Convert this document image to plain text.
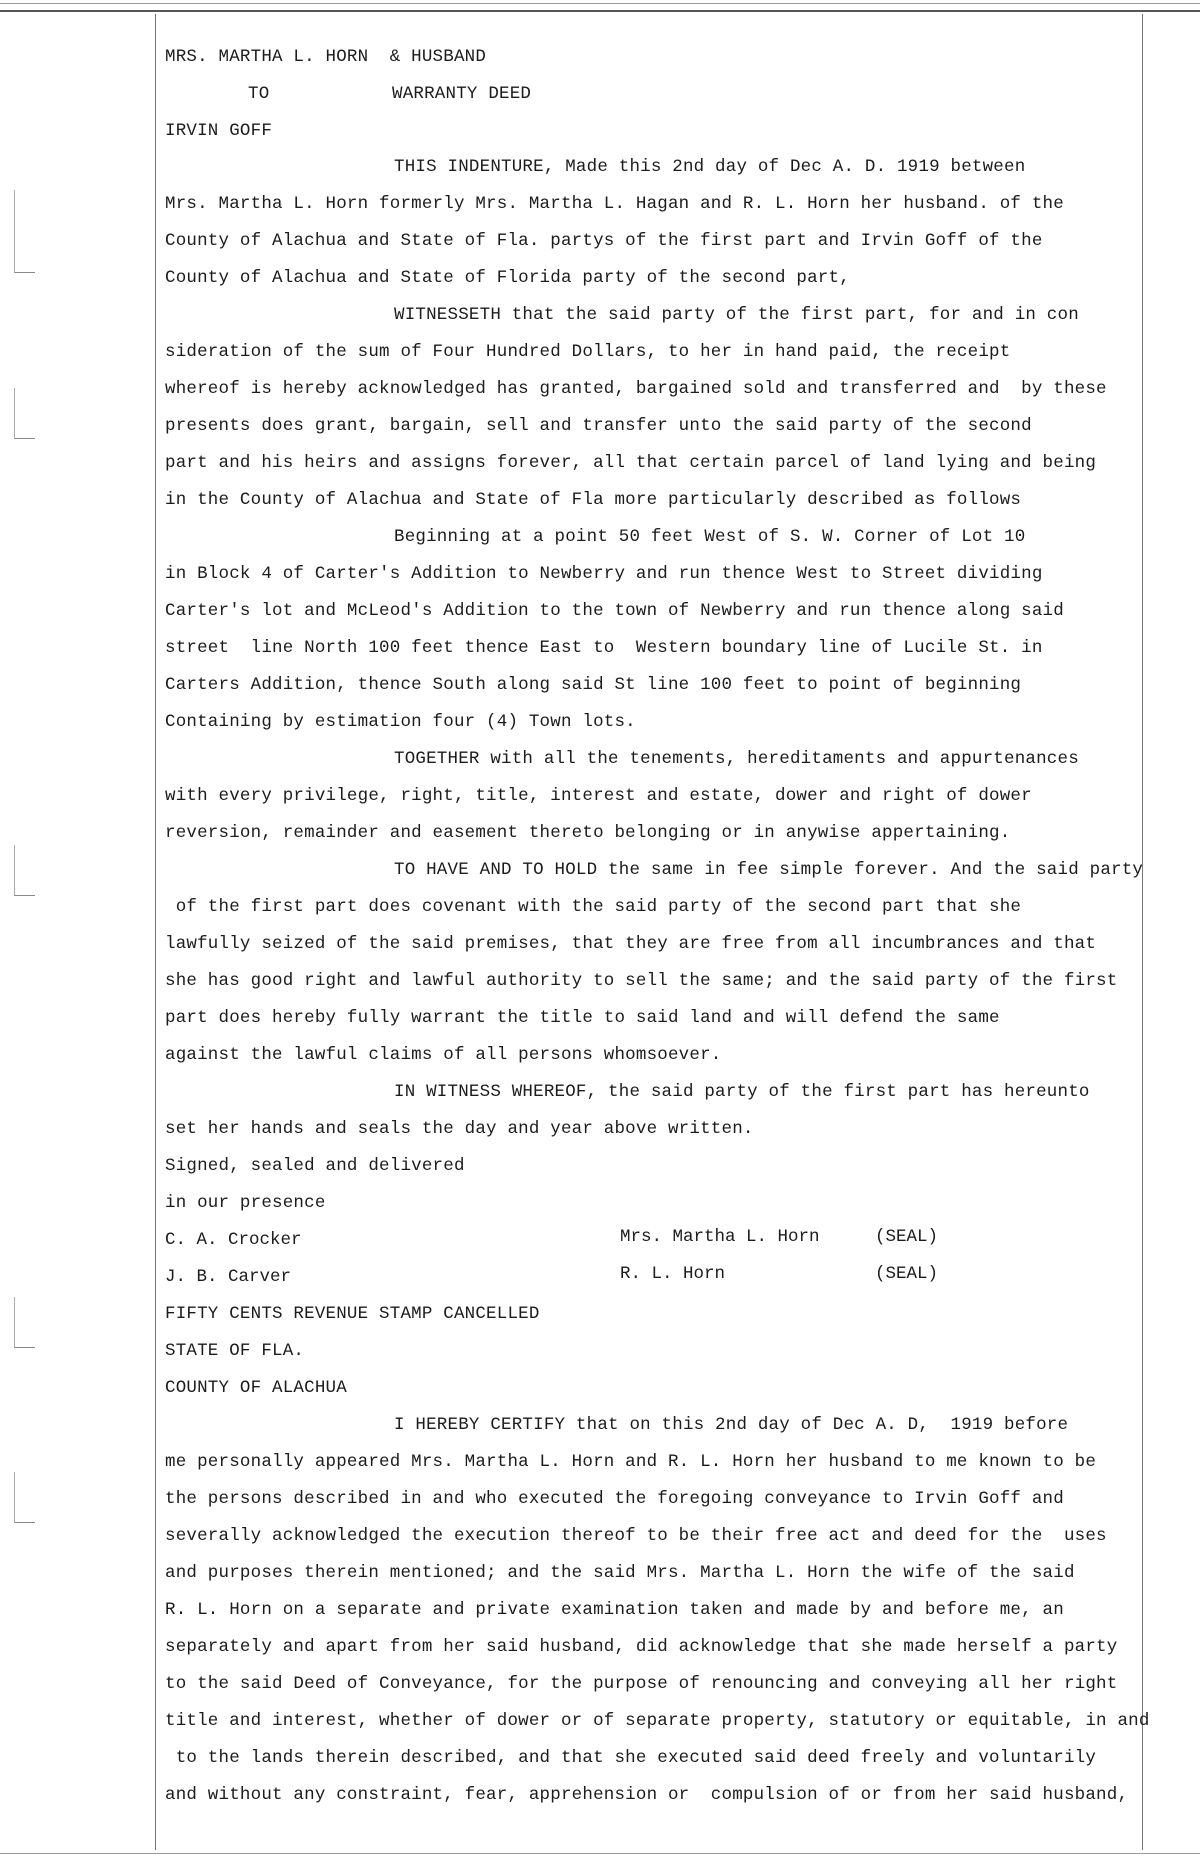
MRS. MARTHA L. HORN  & HUSBAND
TO	WARRANTY DEED
IRVIN GOFF
THIS INDENTURE, Made this 2nd day of Dec A. D. 1919 between
Mrs. Martha L. Horn formerly Mrs. Martha L. Hagan and R. L. Horn her husband. of the
County of Alachua and State of Fla. partys of the first part and Irvin Goff of the
County of Alachua and State of Florida party of the second part,
WITNESSETH that the said party of the first part, for and in con
sideration of the sum of Four Hundred Dollars, to her in hand paid, the receipt
whereof is hereby acknowledged has granted, bargained sold and transferred and  by these
presents does grant, bargain, sell and transfer unto the said party of the second
part and his heirs and assigns forever, all that certain parcel of land lying and being
in the County of Alachua and State of Fla more particularly described as follows
Beginning at a point 50 feet West of S. W. Corner of Lot 10
in Block 4 of Carter's Addition to Newberry and run thence West to Street dividing
Carter's lot and McLeod's Addition to the town of Newberry and run thence along said
street  line North 100 feet thence East to  Western boundary line of Lucile St. in
Carters Addition, thence South along said St line 100 feet to point of beginning
Containing by estimation four (4) Town lots.
TOGETHER with all the tenements, hereditaments and appurtenances
with every privilege, right, title, interest and estate, dower and right of dower
reversion, remainder and easement thereto belonging or in anywise appertaining.
TO HAVE AND TO HOLD the same in fee simple forever. And the said party
of the first part does covenant with the said party of the second part that she
lawfully seized of the said premises, that they are free from all incumbrances and that
she has good right and lawful authority to sell the same; and the said party of the first
part does hereby fully warrant the title to said land and will defend the same
against the lawful claims of all persons whomsoever.
IN WITNESS WHEREOF, the said party of the first part has hereunto
set her hands and seals the day and year above written.
Signed, sealed and delivered
in our presence
C. A. Crocker	Mrs. Martha L. Horn	(SEAL)
J. B. Carver	R. L. Horn	(SEAL)
FIFTY CENTS REVENUE STAMP CANCELLED
STATE OF FLA.
COUNTY OF ALACHUA
I HEREBY CERTIFY that on this 2nd day of Dec A. D,  1919 before
me personally appeared Mrs. Martha L. Horn and R. L. Horn her husband to me known to be
the persons described in and who executed the foregoing conveyance to Irvin Goff and
severally acknowledged the execution thereof to be their free act and deed for the  uses
and purposes therein mentioned; and the said Mrs. Martha L. Horn the wife of the said
R. L. Horn on a separate and private examination taken and made by and before me, an
separately and apart from her said husband, did acknowledge that she made herself a party
to the said Deed of Conveyance, for the purpose of renouncing and conveying all her right
title and interest, whether of dower or of separate property, statutory or equitable, in and
to the lands therein described, and that she executed said deed freely and voluntarily
and without any constraint, fear, apprehension or  compulsion of or from her said husband,
